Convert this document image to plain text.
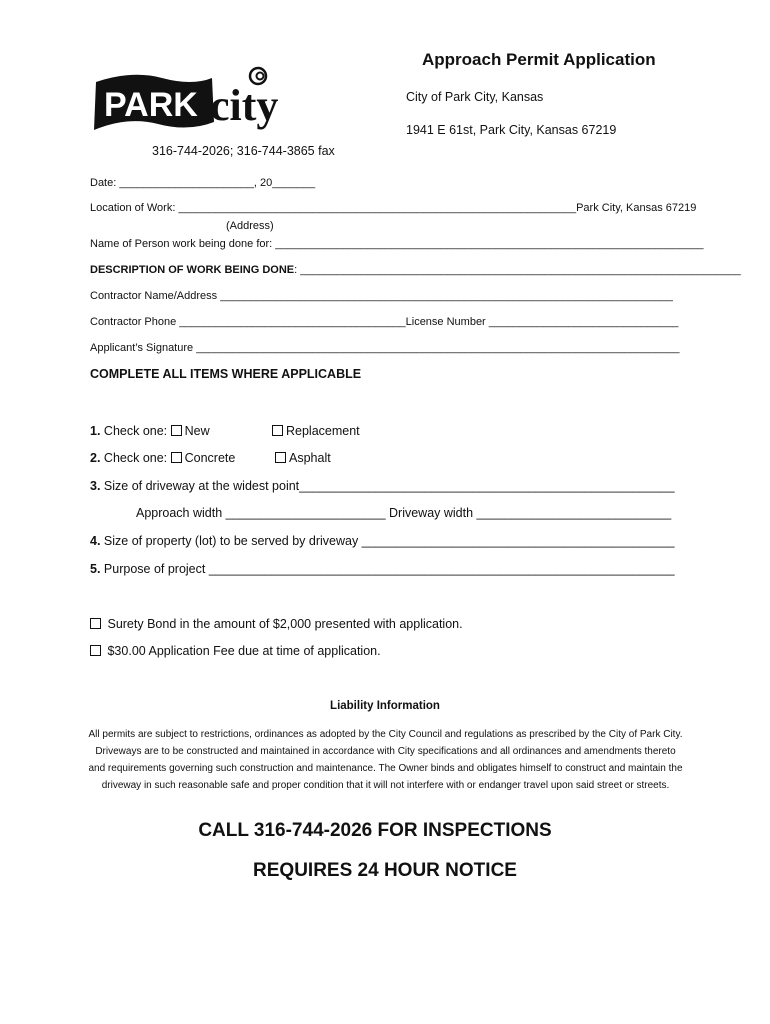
Approach Permit Application
City of Park City, Kansas
1941 E 61st, Park City, Kansas 67219
PARK city
316-744-2026; 316-744-3865 fax
Date: ______________________, 20_______
Location of Work: _________________________________________________________________Park City, Kansas 67219
(Address)
Name of Person work being done for: ______________________________________________________________________
DESCRIPTION OF WORK BEING DONE: ________________________________________________________________________
Contractor Name/Address __________________________________________________________________________
Contractor Phone _____________________________________License Number _______________________________
Applicant’s Signature _______________________________________________________________________________
COMPLETE ALL ITEMS WHERE APPLICABLE
1. Check one: New	Replacement
2. Check one: Concrete	Asphalt
3. Size of driveway at the widest point______________________________________________________
Approach width _______________________ Driveway width ____________________________
4. Size of property (lot) to be served by driveway _____________________________________________
5. Purpose of project ___________________________________________________________________
Surety Bond in the amount of $2,000 presented with application.
$30.00 Application Fee due at time of application.
Liability Information
All permits are subject to restrictions, ordinances as adopted by the City Council and regulations as prescribed by the City of Park City. Driveways are to be constructed and maintained in accordance with City specifications and all ordinances and amendments thereto and requirements governing such construction and maintenance. The Owner binds and obligates himself to construct and maintain the driveway in such reasonable safe and proper condition that it will not interfere with or endanger travel upon said street or streets.
CALL 316-744-2026 FOR INSPECTIONS
REQUIRES 24 HOUR NOTICE
